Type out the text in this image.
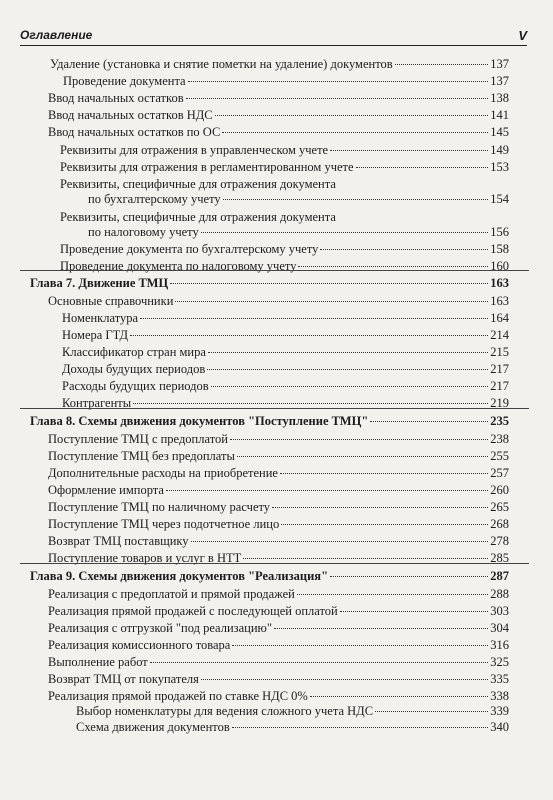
Оглавление	V
Удаление (установка и снятие пометки на удаление) документов	137
Проведение документа	137
Ввод начальных остатков	138
Ввод начальных остатков НДС	141
Ввод начальных остатков по ОС	145
Реквизиты для отражения в управленческом учете	149
Реквизиты для отражения в регламентированном учете	153
Реквизиты, специфичные для отражения документа
по бухгалтерскому учету	154
Реквизиты, специфичные для отражения документа
по налоговому учету	156
Проведение документа по бухгалтерскому учету	158
Проведение документа по налоговому учету	160
Глава 7. Движение ТМЦ	163
Основные справочники	163
Номенклатура	164
Номера ГТД	214
Классификатор стран мира	215
Доходы будущих периодов	217
Расходы будущих периодов	217
Контрагенты	219
Глава 8. Схемы движения документов "Поступление ТМЦ"	235
Поступление ТМЦ с предоплатой	238
Поступление ТМЦ без предоплаты	255
Дополнительные расходы на приобретение	257
Оформление импорта	260
Поступление ТМЦ по наличному расчету	265
Поступление ТМЦ через подотчетное лицо	268
Возврат ТМЦ поставщику	278
Поступление товаров и услуг в НТТ	285
Глава 9. Схемы движения документов "Реализация"	287
Реализация с предоплатой и прямой продажей	288
Реализация прямой продажей с последующей оплатой	303
Реализация с отгрузкой "под реализацию"	304
Реализация комиссионного товара	316
Выполнение работ	325
Возврат ТМЦ от покупателя	335
Реализация прямой продажей по ставке НДС 0%	338
Выбор номенклатуры для ведения сложного учета НДС	339
Схема движения документов	340
